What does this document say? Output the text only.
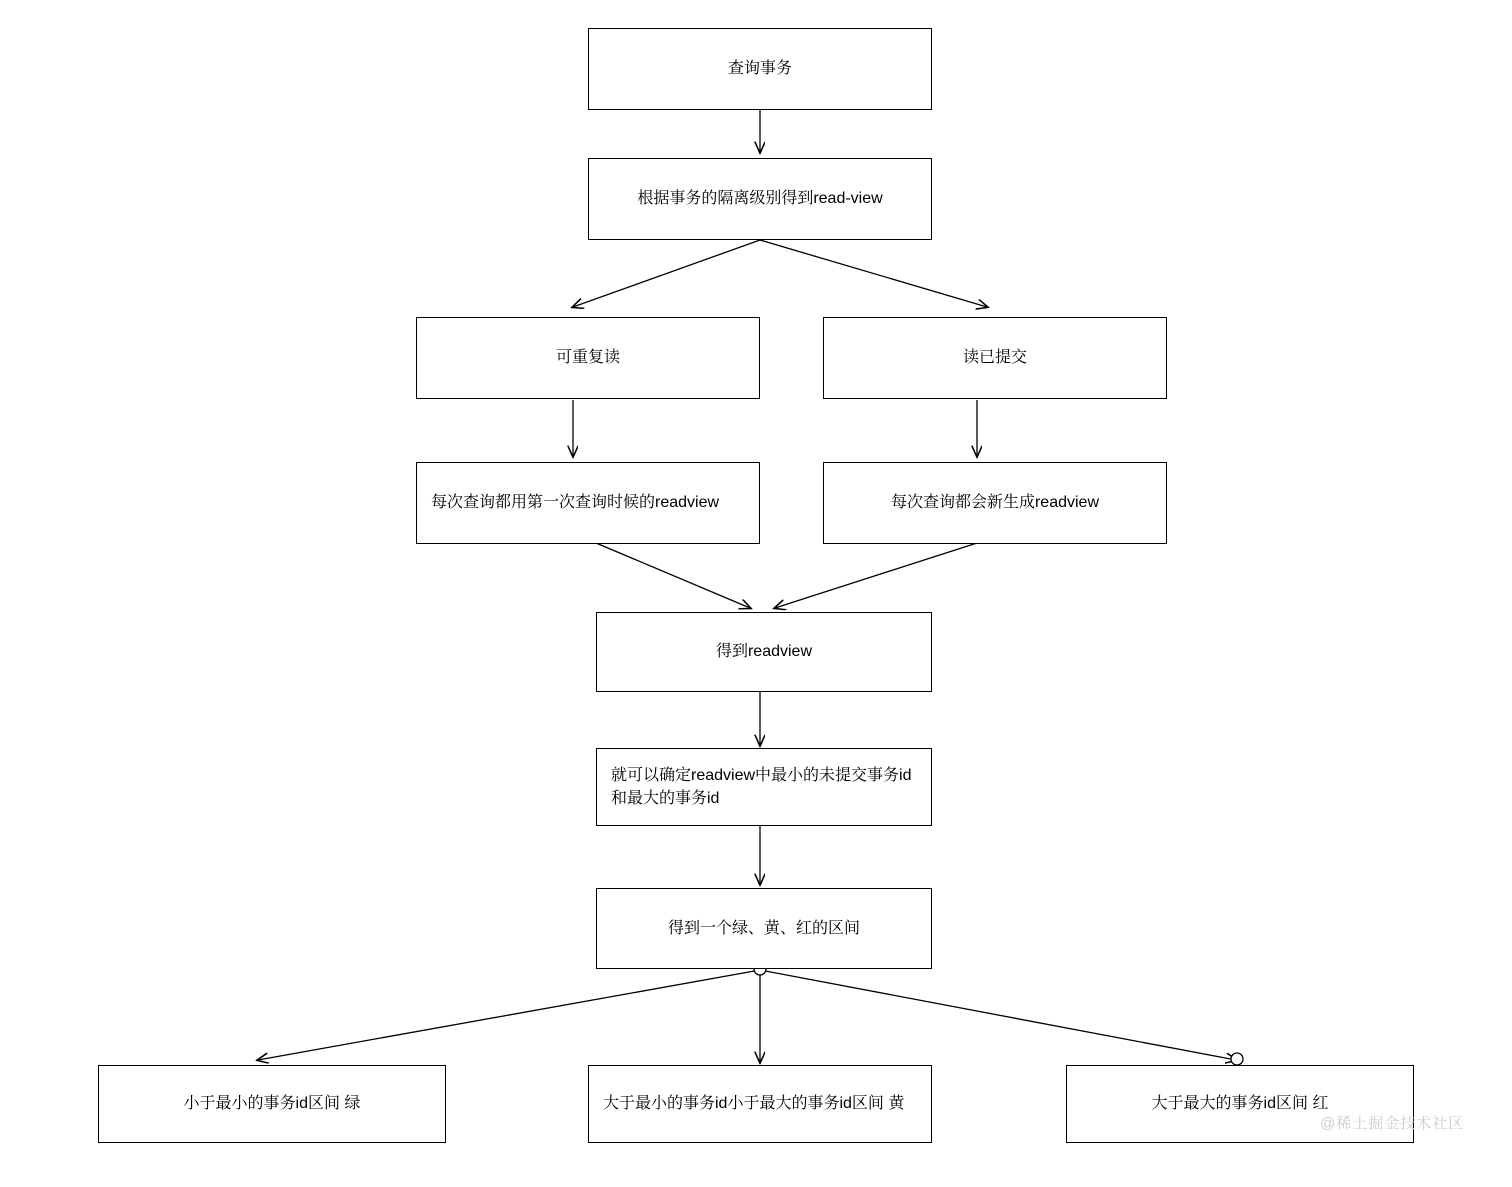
查询事务
根据事务的隔离级别得到read-view
可重复读	读已提交
每次查询都用第一次查询时候的readview	每次查询都会新生成readview
得到readview
就可以确定readview中最小的未提交事务id和最大的事务id
得到一个绿、黄、红的区间
小于最小的事务id区间 绿	大于最小的事务id小于最大的事务id区间 黄	大于最大的事务id区间 红
@稀土掘金技术社区
